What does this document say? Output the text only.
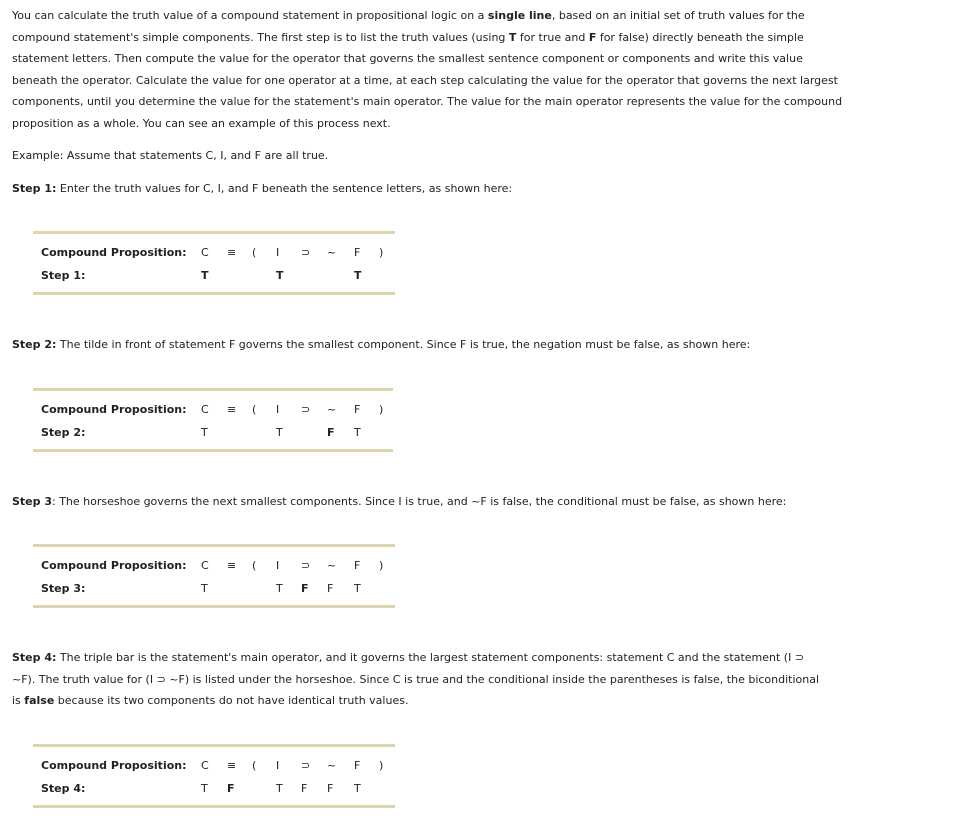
You can calculate the truth value of a compound statement in propositional logic on a single line, based on an initial set of truth values for the compound statement's simple components. The first step is to list the truth values (using T for true and F for false) directly beneath the simple statement letters. Then compute the value for the operator that governs the smallest sentence component or components and write this value beneath the operator. Calculate the value for one operator at a time, at each step calculating the value for the operator that governs the next largest components, until you determine the value for the statement's main operator. The value for the main operator represents the value for the compound proposition as a whole. You can see an example of this process next.

Example: Assume that statements C, I, and F are all true.

Step 1: Enter the truth values for C, I, and F beneath the sentence letters, as shown here:

Compound Proposition:
Step 1:
C
T
≡ ( I
T
⊃ ~ F
T
)

Step 2: The tilde in front of statement F governs the smallest component. Since F is true, the negation must be false, as shown here:

Compound Proposition:
Step 2:
C
T
≡ ( I
T
⊃ ~
F
F
T
)

Step 3: The horseshoe governs the next smallest components. Since I is true, and ~F is false, the conditional must be false, as shown here:

Compound Proposition:
Step 3:
C
T
≡ ( I
T
⊃
F
~
F
F
T
)

Step 4: The triple bar is the statement's main operator, and it governs the largest statement components: statement C and the statement (I ⊃ ~F). The truth value for (I ⊃ ~F) is listed under the horseshoe. Since C is true and the conditional inside the parentheses is false, the biconditional is false because its two components do not have identical truth values.

Compound Proposition:
Step 4:
C
T
≡
F
( I
T
⊃
F
~
F
F
T
)
